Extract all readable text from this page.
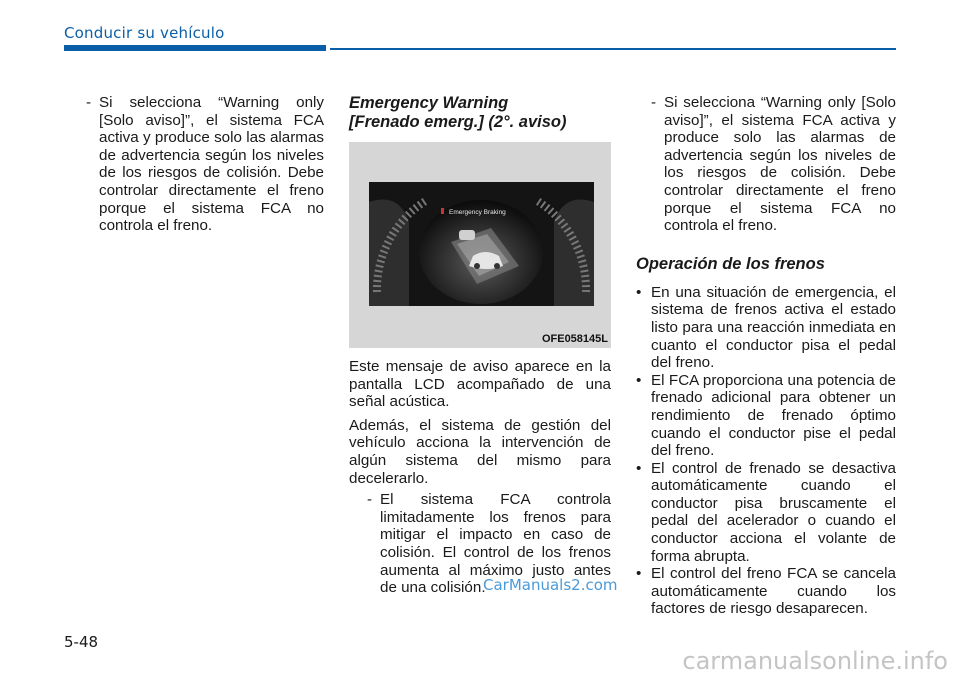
Conducir su vehículo

- Si selecciona “Warning only [Solo aviso]”, el sistema FCA activa y produce solo las alarmas de advertencia según los niveles de los riesgos de colisión. Debe controlar directamente el freno porque el sistema FCA no controla el freno.

Emergency Warning

[Frenado emerg.] (2°. aviso)

Emergency Braking
OFE058145L

Este mensaje de aviso aparece en la pantalla LCD acompañado de una señal acústica.

Además, el sistema de gestión del vehículo acciona la intervención de algún sistema del mismo para decelerarlo.

- El sistema FCA controla limitadamente los frenos para mitigar el impacto en caso de colisión. El control de los frenos aumenta al máximo justo antes de una colisión.

- Si selecciona “Warning only [Solo aviso]”, el sistema FCA activa y produce solo las alarmas de advertencia según los niveles de los riesgos de colisión. Debe controlar directamente el freno porque el sistema FCA no controla el freno.

Operación de los frenos

• En una situación de emergencia, el sistema de frenos activa el estado listo para una reacción inmediata en cuanto el conductor pisa el pedal del freno.

• El FCA proporciona una potencia de frenado adicional para obtener un rendimiento de frenado óptimo cuando el conductor pise el pedal del freno.

• El control de frenado se desactiva automáticamente cuando el conductor pisa bruscamente el pedal del acelerador o cuando el conductor acciona el volante de forma abrupta.

• El control del freno FCA se cancela automáticamente cuando los factores de riesgo desaparecen.

5-48
CarManuals2.com
carmanualsonline.info
